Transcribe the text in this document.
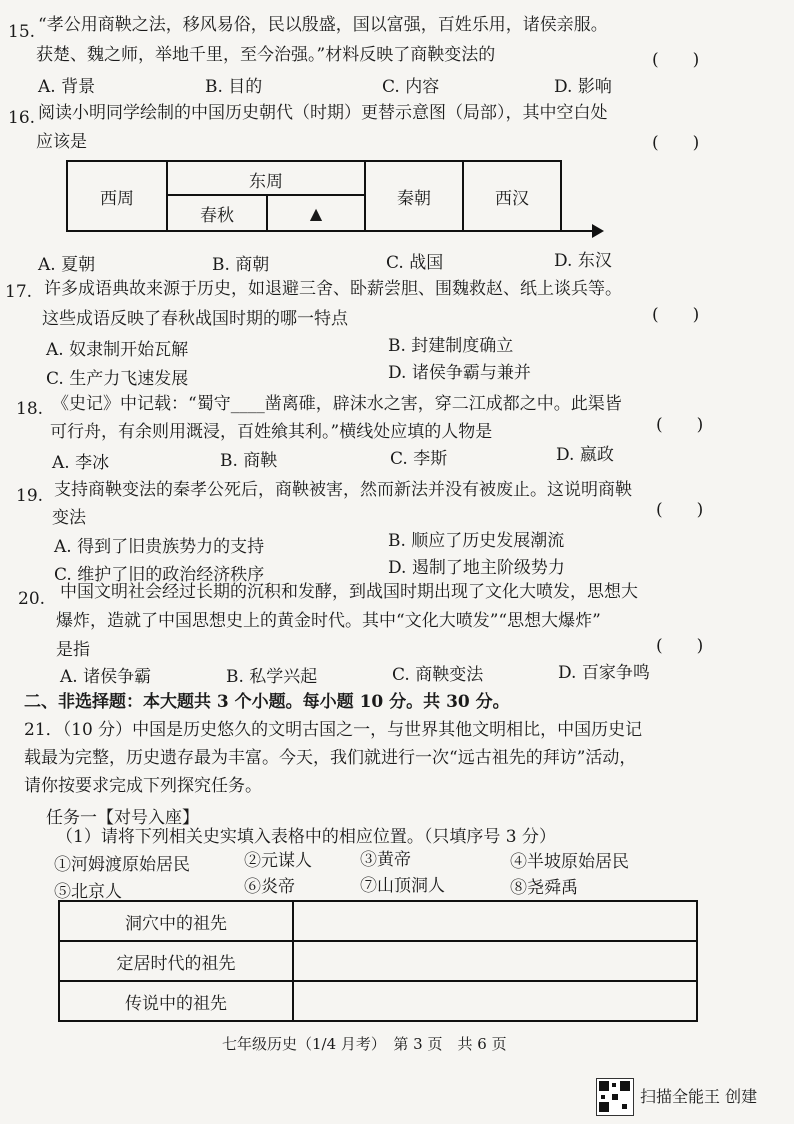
15. “孝公用商鞅之法，移风易俗，民以殷盛，国以富强，百姓乐用，诸侯亲服。
获楚、魏之师，举地千里，至今治强。”材料反映了商鞅变法的	(　　)
A. 背景	B. 目的	C. 内容	D. 影响
16. 阅读小明同学绘制的中国历史朝代（时期）更替示意图（局部），其中空白处
应该是	(　　)
西周
东周
春秋	▲
秦朝	西汉
A. 夏朝	B. 商朝	C. 战国	D. 东汉
17. 许多成语典故来源于历史，如退避三舍、卧薪尝胆、围魏救赵、纸上谈兵等。
这些成语反映了春秋战国时期的哪一特点	(　　)
A. 奴隶制开始瓦解	B. 封建制度确立
C. 生产力飞速发展	D. 诸侯争霸与兼并
18. 《史记》中记载：“蜀守____凿离碓，辟沫水之害，穿二江成都之中。此渠皆
可行舟，有余则用溉浸，百姓飨其利。”横线处应填的人物是	(　　)
A. 李冰	B. 商鞅	C. 李斯	D. 嬴政
19. 支持商鞅变法的秦孝公死后，商鞅被害，然而新法并没有被废止。这说明商鞅
变法	(　　)
A. 得到了旧贵族势力的支持	B. 顺应了历史发展潮流
C. 维护了旧的政治经济秩序	D. 遏制了地主阶级势力
20. 中国文明社会经过长期的沉积和发酵，到战国时期出现了文化大喷发，思想大
爆炸，造就了中国思想史上的黄金时代。其中“文化大喷发”“思想大爆炸”
是指	(　　)
A. 诸侯争霸	B. 私学兴起	C. 商鞅变法	D. 百家争鸣
二、非选择题：本大题共 3 个小题。每小题 10 分。共 30 分。
21．（10 分）中国是历史悠久的文明古国之一，与世界其他文明相比，中国历史记
载最为完整，历史遗存最为丰富。今天，我们就进行一次“远古祖先的拜访”活动，
请你按要求完成下列探究任务。
任务一【对号入座】
（1）请将下列相关史实填入表格中的相应位置。（只填序号 3 分）
①河姆渡原始居民	②元谋人	③黄帝	④半坡原始居民
⑤北京人	⑥炎帝	⑦山顶洞人	⑧尧舜禹
洞穴中的祖先	
定居时代的祖先	
传说中的祖先	
七年级历史（1/4 月考）　第 3 页　共 6 页
扫描全能王 创建
